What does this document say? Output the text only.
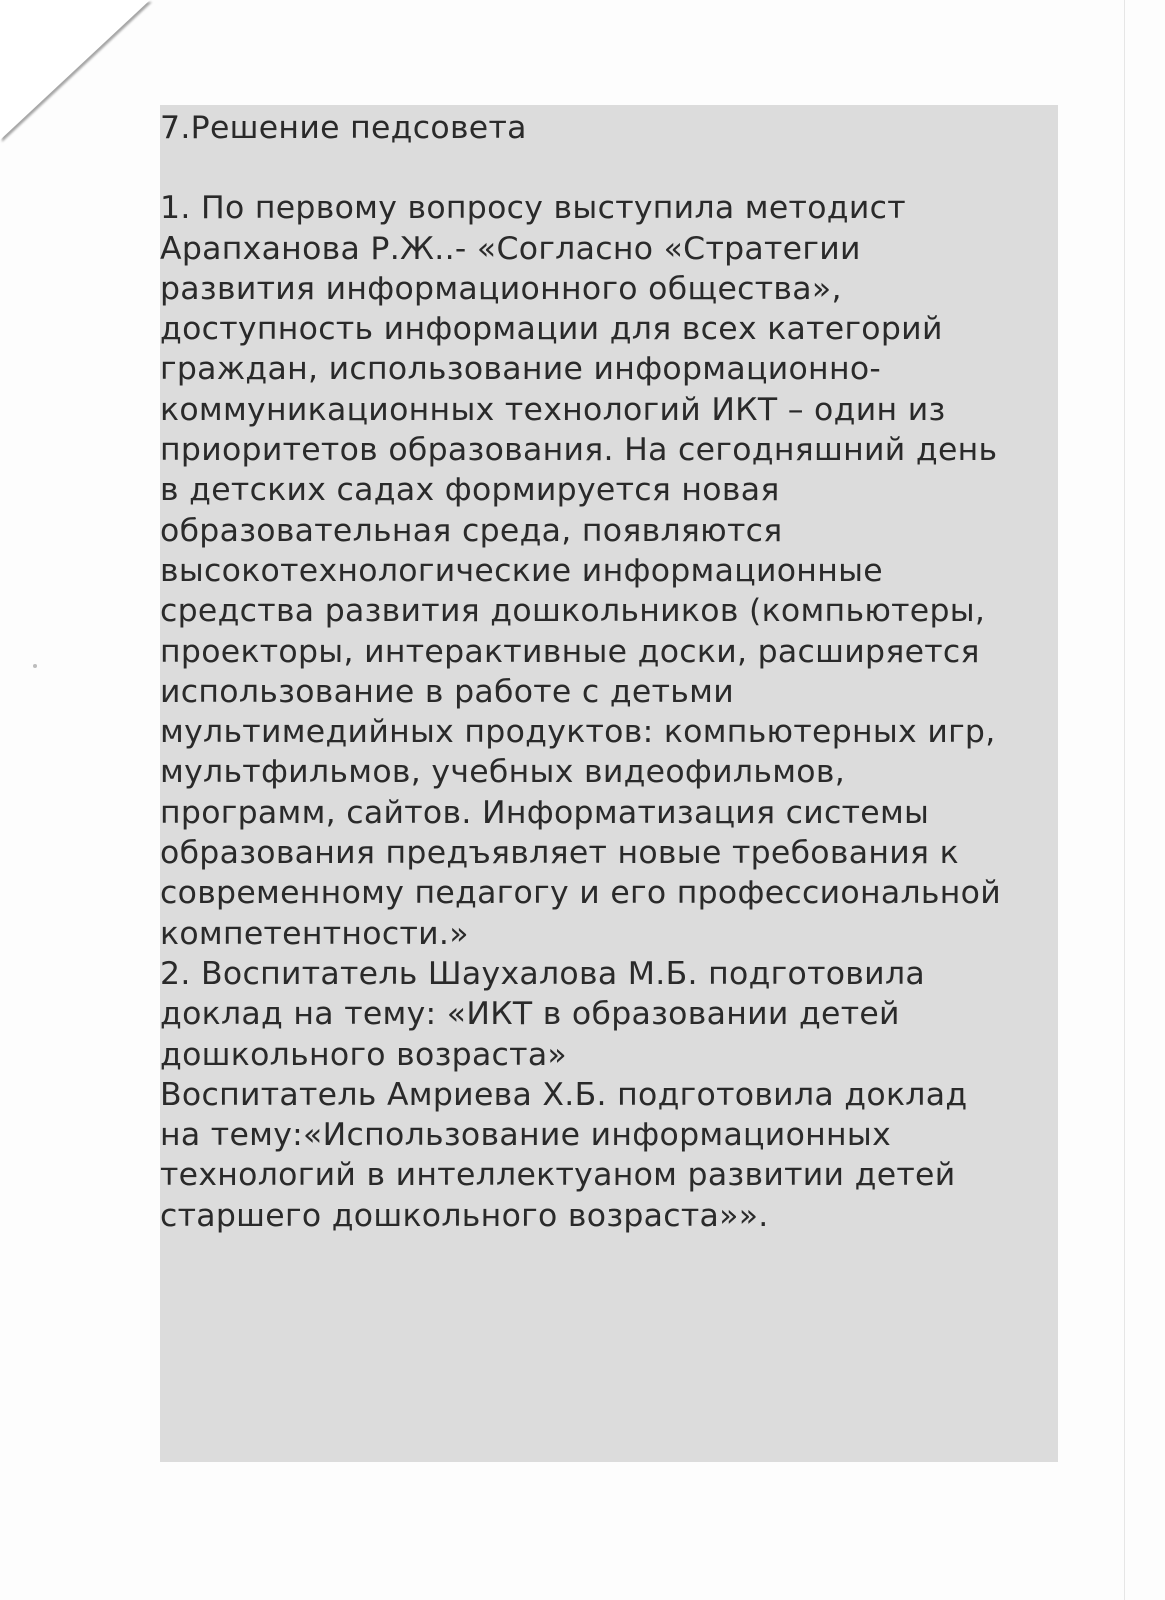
7.Решение педсовета
1. По первому вопросу выступила методист
Арапханова Р.Ж..- «Согласно «Стратегии
развития информационного общества»,
доступность информации для всех категорий
граждан, использование информационно-
коммуникационных технологий ИКТ – один из
приоритетов образования. На сегодняшний день
в детских садах формируется новая
образовательная среда, появляются
высокотехнологические информационные
средства развития дошкольников (компьютеры,
проекторы, интерактивные доски, расширяется
использование в работе с детьми
мультимедийных продуктов: компьютерных игр,
мультфильмов, учебных видеофильмов,
программ, сайтов. Информатизация системы
образования предъявляет новые требования к
современному педагогу и его профессиональной
компетентности.»
2. Воспитатель Шаухалова М.Б. подготовила
доклад на тему: «ИКТ в образовании детей
дошкольного возраста»
Воспитатель Амриева Х.Б. подготовила доклад
на тему:«Использование информационных
технологий в интеллектуаном развитии детей
старшего дошкольного возраста»».
